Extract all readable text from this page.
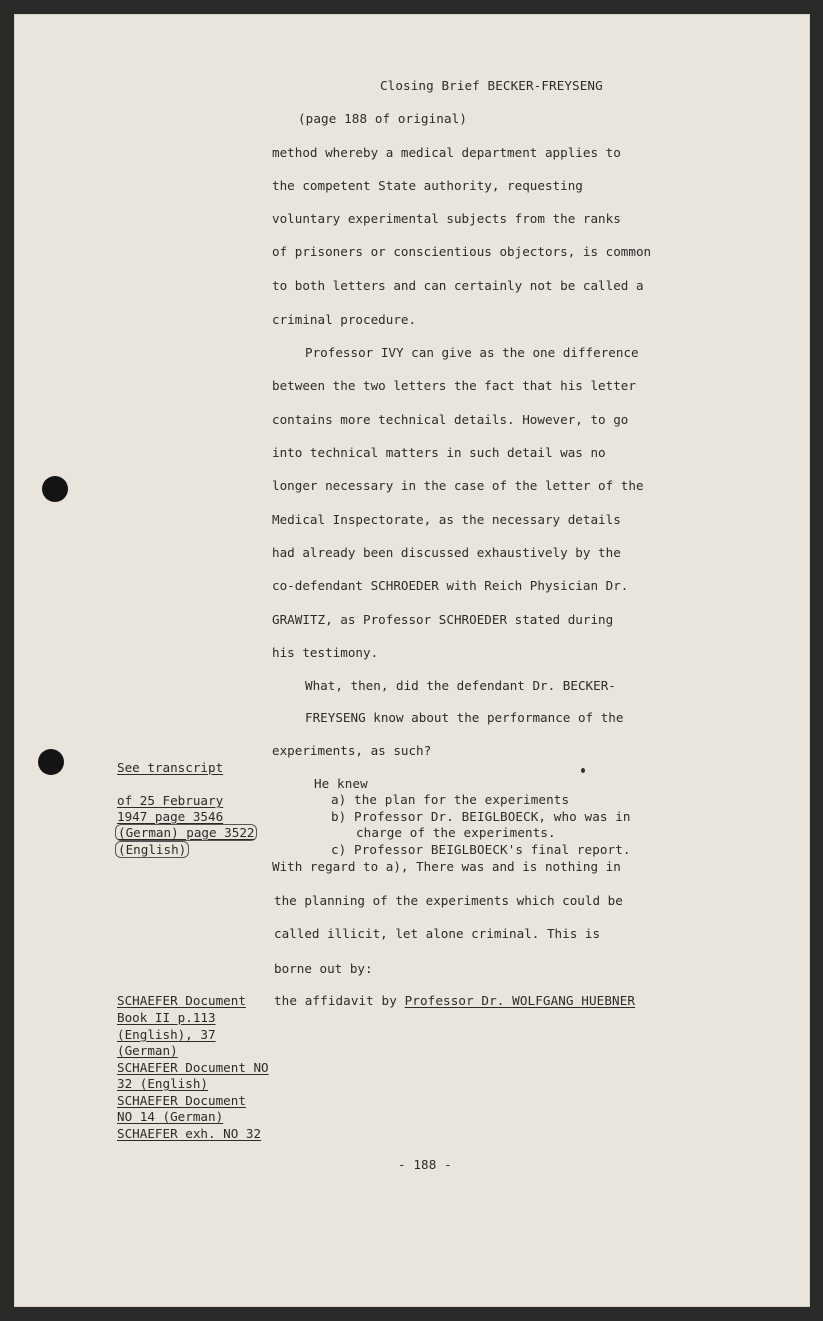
Closing Brief BECKER-FREYSENG
(page 188 of original)
method whereby a medical department applies to
the competent State authority, requesting
voluntary experimental subjects from the ranks
of prisoners or conscientious objectors, is common
to both letters and can certainly not be called a
criminal procedure.
Professor IVY can give as the one difference
between the two letters the fact that his letter
contains more technical details. However, to go
into technical matters in such detail was no
longer necessary in the case of the letter of the
Medical Inspectorate, as the necessary details
had already been discussed exhaustively by the
co-defendant SCHROEDER with Reich Physician Dr.
GRAWITZ, as Professor SCHROEDER stated during
his testimony.
What, then, did the defendant Dr. BECKER-
FREYSENG know about the performance of the
experiments, as such?
He knew
a) the plan for the experiments
b) Professor Dr. BEIGLBOECK, who was in
charge of the experiments.
c) Professor BEIGLBOECK's final report.
With regard to a), There was and is nothing in
the planning of the experiments which could be
called illicit, let alone criminal. This is
borne out by:
the affidavit by Professor Dr. WOLFGANG HUEBNER
See transcript
of 25 February
1947 page 3546
(German) page 3522
(English)
SCHAEFER Document
Book II p.113
(English), 37
(German)
SCHAEFER Document NO
32 (English)
SCHAEFER Document
NO 14 (German)
SCHAEFER exh. NO 32
- 188 -
